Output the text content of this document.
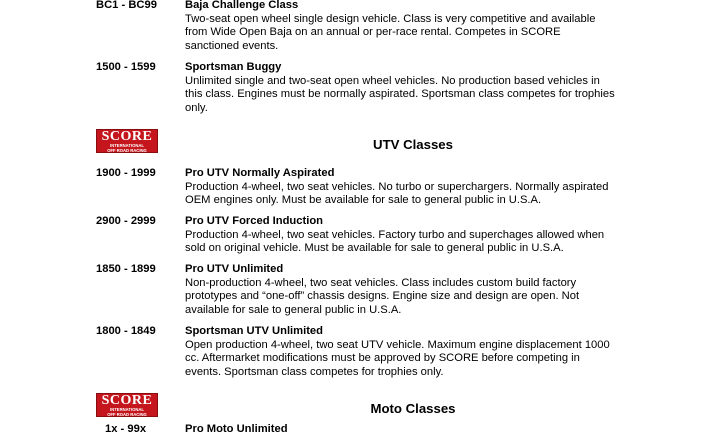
SCORE
INTERNATIONAL
OFF ROAD RACING	UTV Classes
SCORE
INTERNATIONAL
OFF ROAD RACING	Moto Classes
BC1 - BC99	Baja Challenge Class

Two-seat open wheel single design vehicle. Class is very competitive and available
from Wide Open Baja on an annual or per-race rental. Competes in SCORE
sanctioned events.

1500 - 1599	Sportsman Buggy

Unlimited single and two-seat open wheel vehicles. No production based vehicles in
this class. Engines must be normally aspirated. Sportsman class competes for trophies
only.

1900 - 1999	Pro UTV Normally Aspirated

Production 4-wheel, two seat vehicles. No turbo or superchargers. Normally aspirated
OEM engines only. Must be available for sale to general public in U.S.A.

2900 - 2999	Pro UTV Forced Induction

Production 4-wheel, two seat vehicles. Factory turbo and superchages allowed when
sold on original vehicle. Must be available for sale to general public in U.S.A.

1850 - 1899	Pro UTV Unlimited

Non-production 4-wheel, two seat vehicles. Class includes custom build factory
prototypes and “one-off” chassis designs. Engine size and design are open. Not
available for sale to general public in U.S.A.

1800 - 1849	Sportsman UTV Unlimited

Open production 4-wheel, two seat UTV vehicle. Maximum engine displacement 1000
cc. Aftermarket modifications must be approved by SCORE before competing in
events. Sportsman class competes for trophies only.

1x - 99x	Pro Moto Unlimited
